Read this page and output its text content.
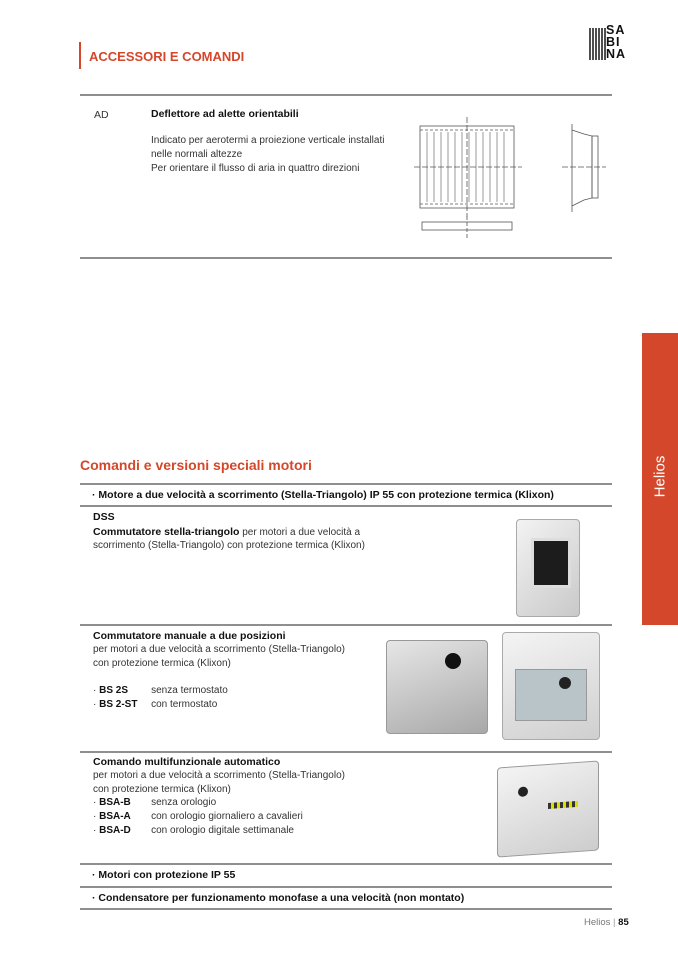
ACCESSORI E COMANDI
SA
BI
NA
Helios
AD	Deflettore ad alette orientabili
Indicato per aerotermi a proiezione verticale installati
nelle normali altezze
Per orientare il flusso di aria in quattro direzioni
Comandi e versioni speciali motori
· Motore a due velocità a scorrimento (Stella-Triangolo) IP 55 con protezione termica (Klixon)
DSS
Commutatore stella-triangolo per motori a due velocità a
scorrimento (Stella-Triangolo) con protezione termica (Klixon)
Commutatore manuale a due posizioni
per motori a due velocità a scorrimento (Stella-Triangolo)
con protezione termica (Klixon)
· BS 2S senza termostato
· BS 2-ST con termostato
Comando multifunzionale automatico
per motori a due velocità a scorrimento (Stella-Triangolo)
con protezione termica (Klixon)
· BSA-B senza orologio
· BSA-A con orologio giornaliero a cavalieri
· BSA-D con orologio digitale settimanale
· Motori con protezione IP 55
· Condensatore per funzionamento monofase a una velocità (non montato)
Helios | 85
